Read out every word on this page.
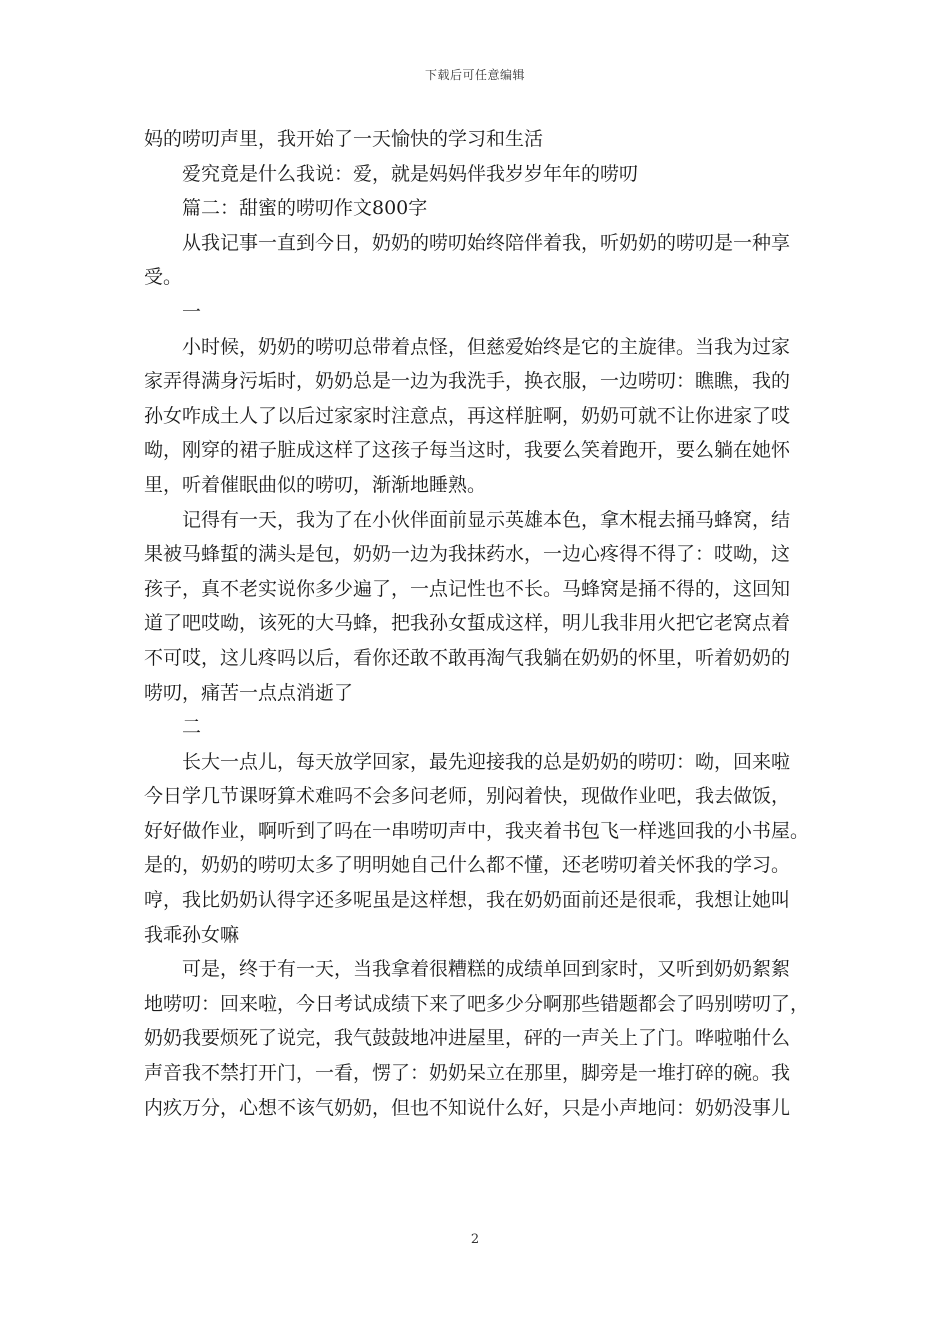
下载后可任意编辑
妈的唠叨声里，我开始了一天愉快的学习和生活
爱究竟是什么我说：爱，就是妈妈伴我岁岁年年的唠叨
篇二：甜蜜的唠叨作文800字
从我记事一直到今日，奶奶的唠叨始终陪伴着我，听奶奶的唠叨是一种享
受。
一
小时候，奶奶的唠叨总带着点怪，但慈爱始终是它的主旋律。当我为过家
家弄得满身污垢时，奶奶总是一边为我洗手，换衣服，一边唠叨：瞧瞧，我的
孙女咋成土人了以后过家家时注意点，再这样脏啊，奶奶可就不让你进家了哎
呦，刚穿的裙子脏成这样了这孩子每当这时，我要么笑着跑开，要么躺在她怀
里，听着催眠曲似的唠叨，渐渐地睡熟。
记得有一天，我为了在小伙伴面前显示英雄本色，拿木棍去捅马蜂窝，结
果被马蜂蜇的满头是包，奶奶一边为我抹药水，一边心疼得不得了：哎呦，这
孩子，真不老实说你多少遍了，一点记性也不长。马蜂窝是捅不得的，这回知
道了吧哎呦，该死的大马蜂，把我孙女蜇成这样，明儿我非用火把它老窝点着
不可哎，这儿疼吗以后，看你还敢不敢再淘气我躺在奶奶的怀里，听着奶奶的
唠叨，痛苦一点点消逝了
二
长大一点儿，每天放学回家，最先迎接我的总是奶奶的唠叨：呦，回来啦
今日学几节课呀算术难吗不会多问老师，别闷着快，现做作业吧，我去做饭，
好好做作业，啊听到了吗在一串唠叨声中，我夹着书包飞一样逃回我的小书屋。
是的，奶奶的唠叨太多了明明她自己什么都不懂，还老唠叨着关怀我的学习。
哼，我比奶奶认得字还多呢虽是这样想，我在奶奶面前还是很乖，我想让她叫
我乖孙女嘛
可是，终于有一天，当我拿着很糟糕的成绩单回到家时，又听到奶奶絮絮
地唠叨：回来啦，今日考试成绩下来了吧多少分啊那些错题都会了吗别唠叨了，
奶奶我要烦死了说完，我气鼓鼓地冲进屋里，砰的一声关上了门。哗啦啪什么
声音我不禁打开门，一看，愣了：奶奶呆立在那里，脚旁是一堆打碎的碗。我
内疚万分，心想不该气奶奶，但也不知说什么好，只是小声地问：奶奶没事儿
2
